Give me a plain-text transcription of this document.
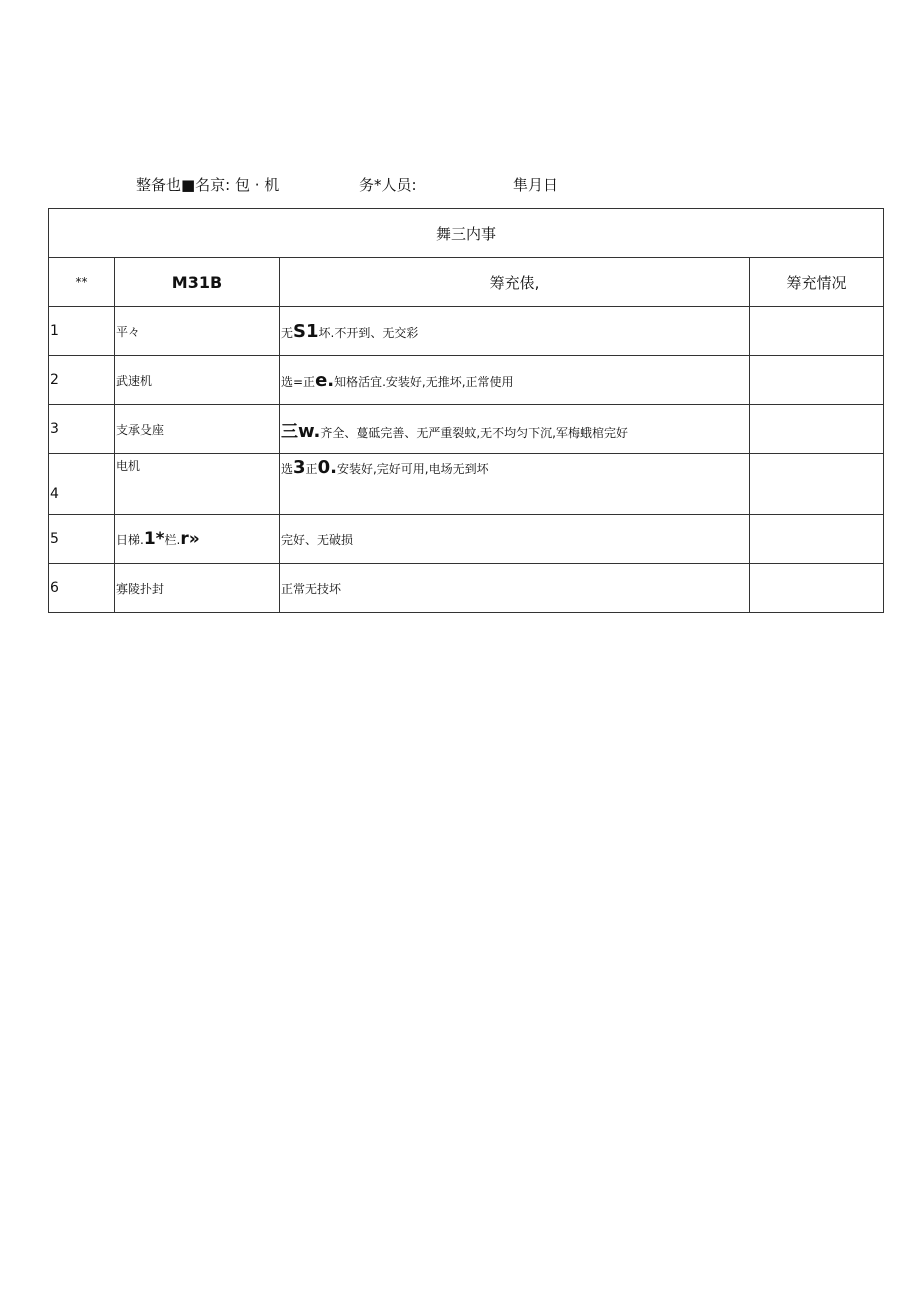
整备也■名京: 包 · 机	务*人员:	隼月日
舞三内事			
**	M31B	筹充俵,	筹充情况
1	平々	无S1坏.不开到、无交彩	
2	武速机	选=正e.知格活宜.安装好,无推坏,正常使用	
3	支承殳座	三w.齐全、蔓砥完善、无严重裂蚊,无不均匀下沉,军梅蛾棺完好	
4	电机	选3正0.安装好,完好可用,电场无到坏	
5	日梯.1*栏.r»	完好、无破损	
6	寡陵扑封	正常无技坏	
